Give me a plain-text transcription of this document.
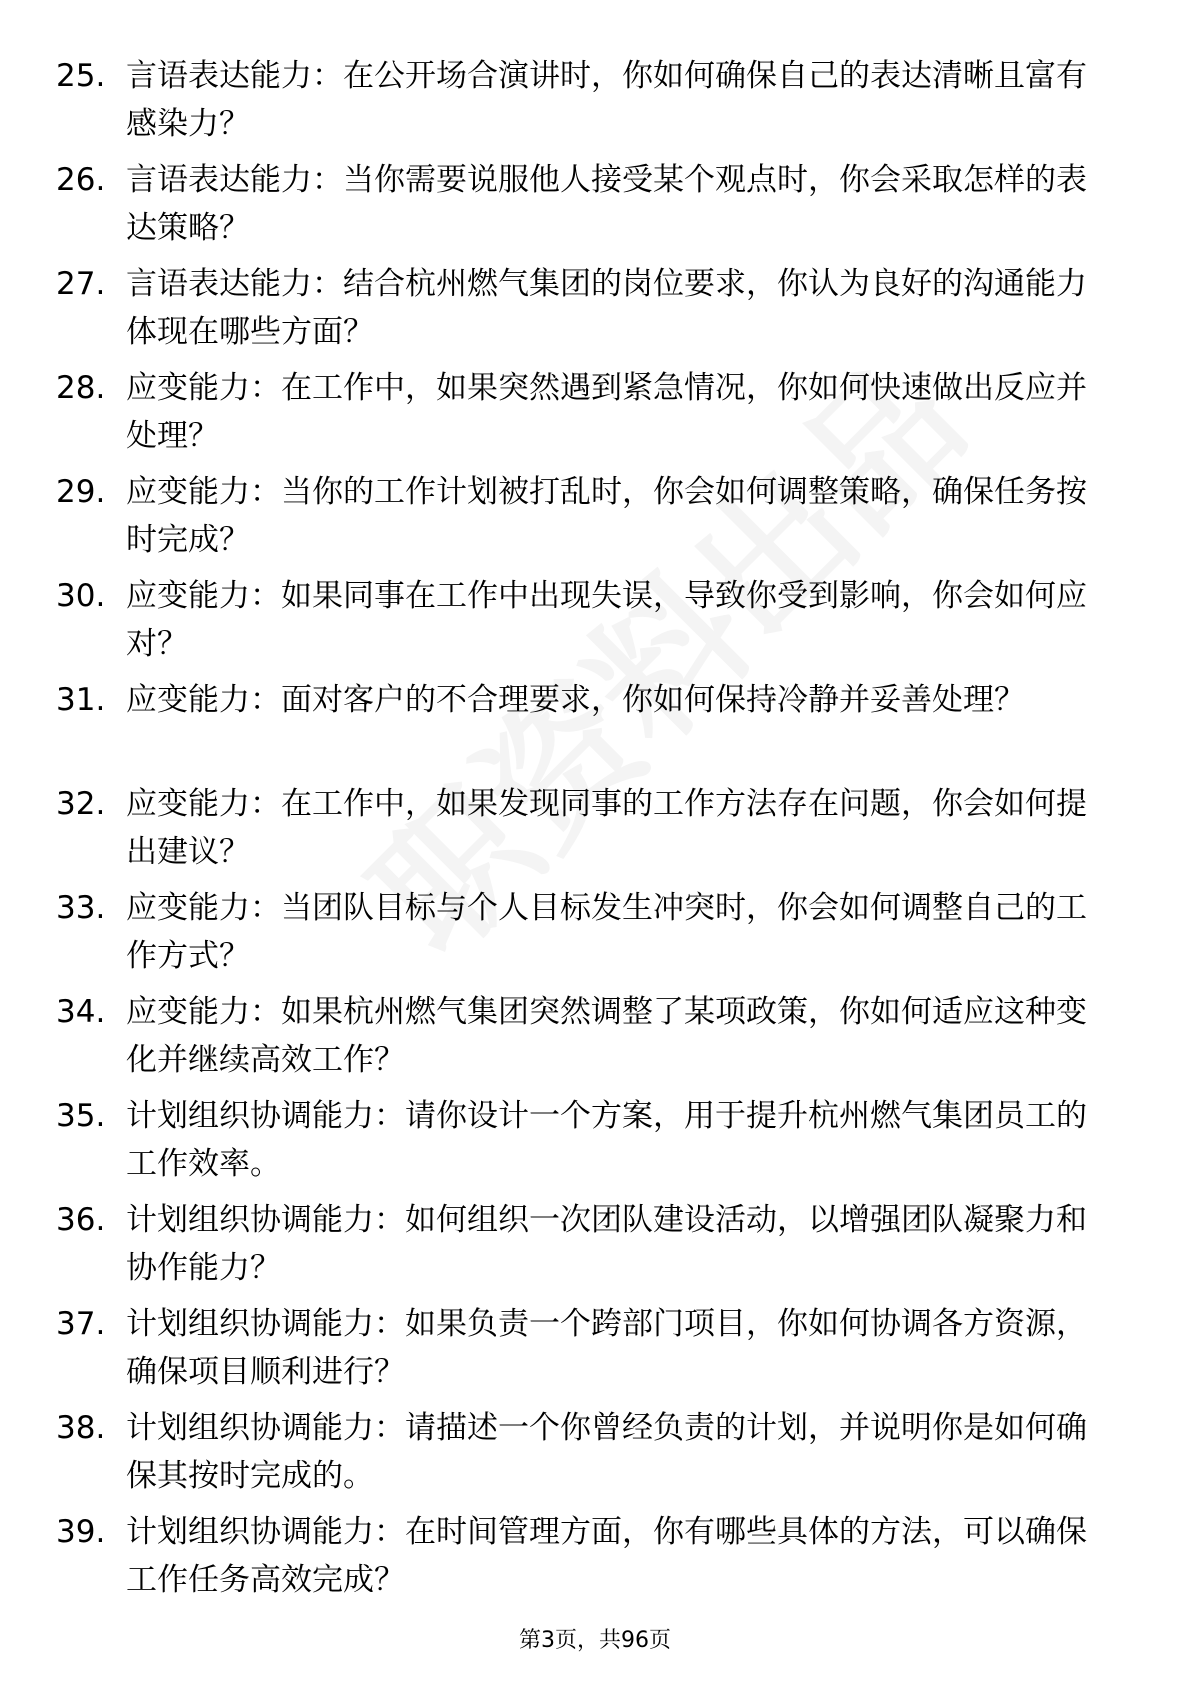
25. 言语表达能力：在公开场合演讲时，你如何确保自己的表达清晰且富有感染力？
26. 言语表达能力：当你需要说服他人接受某个观点时，你会采取怎样的表达策略？
27. 言语表达能力：结合杭州燃气集团的岗位要求，你认为良好的沟通能力体现在哪些方面？
28. 应变能力：在工作中，如果突然遇到紧急情况，你如何快速做出反应并处理？
29. 应变能力：当你的工作计划被打乱时，你会如何调整策略，确保任务按时完成？
30. 应变能力：如果同事在工作中出现失误，导致你受到影响，你会如何应对？
31. 应变能力：面对客户的不合理要求，你如何保持冷静并妥善处理？
32. 应变能力：在工作中，如果发现同事的工作方法存在问题，你会如何提出建议？
33. 应变能力：当团队目标与个人目标发生冲突时，你会如何调整自己的工作方式？
34. 应变能力：如果杭州燃气集团突然调整了某项政策，你如何适应这种变化并继续高效工作？
35. 计划组织协调能力：请你设计一个方案，用于提升杭州燃气集团员工的工作效率。
36. 计划组织协调能力：如何组织一次团队建设活动，以增强团队凝聚力和协作能力？
37. 计划组织协调能力：如果负责一个跨部门项目，你如何协调各方资源，确保项目顺利进行？
38. 计划组织协调能力：请描述一个你曾经负责的计划，并说明你是如何确保其按时完成的。
39. 计划组织协调能力：在时间管理方面，你有哪些具体的方法，可以确保工作任务高效完成？
第3页，共96页
